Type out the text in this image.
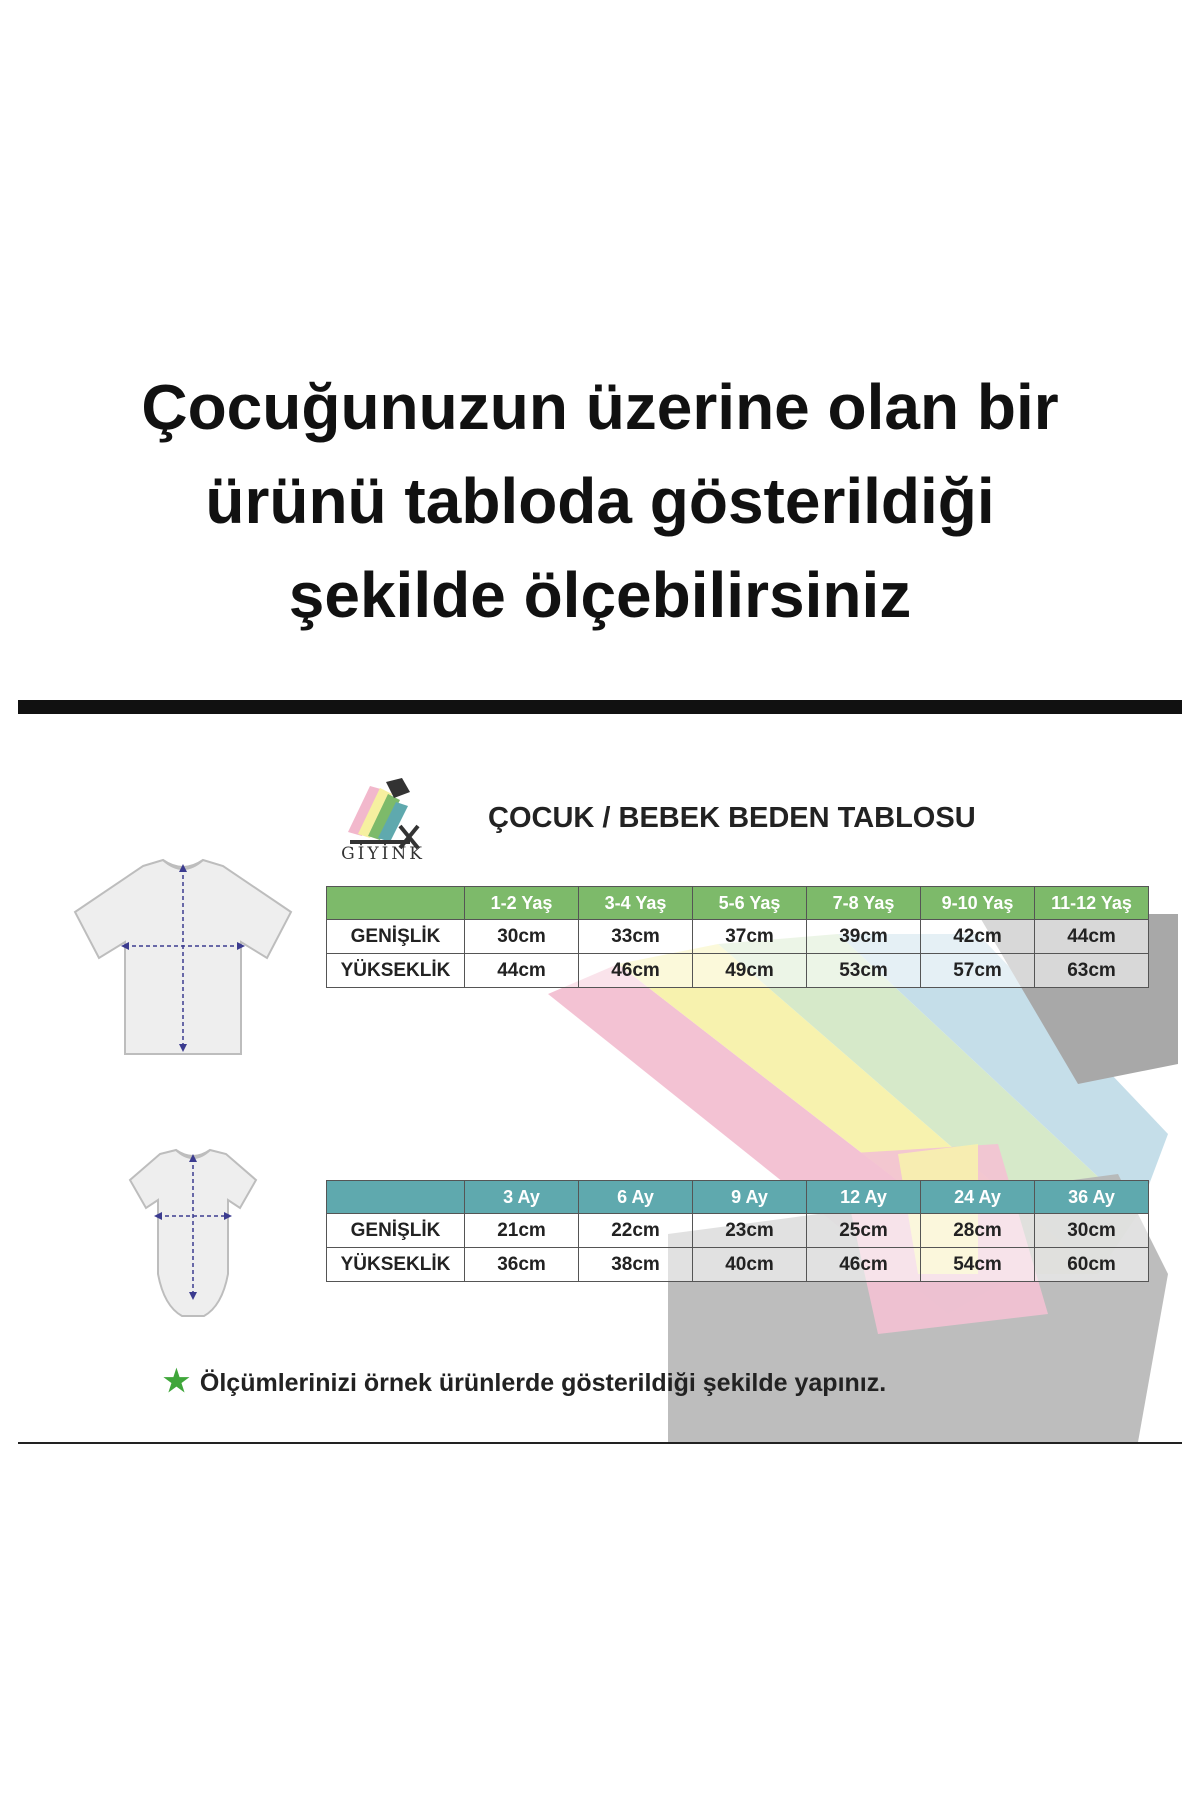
Çocuğunuzun üzerine olan bir
ürünü tabloda gösterildiği
şekilde ölçebilirsiniz
GİYİNK
ÇOCUK / BEBEK BEDEN TABLOSU
	1-2 Yaş	3-4 Yaş	5-6 Yaş	7-8 Yaş	9-10 Yaş	11-12 Yaş
GENİŞLİK	30cm	33cm	37cm	39cm	42cm	44cm
YÜKSEKLİK	44cm	46cm	49cm	53cm	57cm	63cm
	3 Ay	6 Ay	9 Ay	12 Ay	24 Ay	36 Ay
GENİŞLİK	21cm	22cm	23cm	25cm	28cm	30cm
YÜKSEKLİK	36cm	38cm	40cm	46cm	54cm	60cm
★ Ölçümlerinizi örnek ürünlerde gösterildiği şekilde yapınız.
